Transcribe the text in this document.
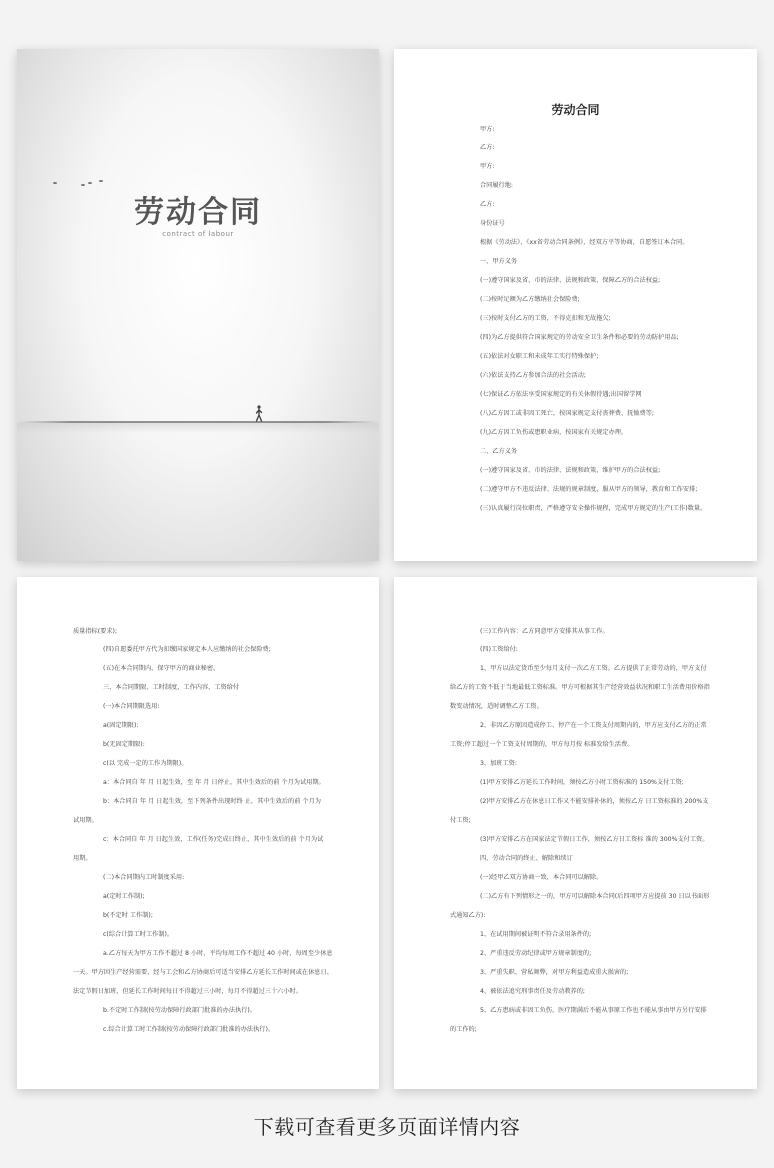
劳动合同
contract of labour
劳动合同
甲方:
乙方:
甲方:
合同履行地:
乙方:
身份证号
根据《劳动法》、《xx省劳动合同条例》，经双方平等协商，自愿签订本合同。
一、甲方义务
(一)遵守国家及省、市的法律、法规和政策，保障乙方的合法权益;
(二)按时足额为乙方缴纳社会保险费;
(三)按时支付乙方的工资，不得克扣和无故拖欠;
(四)为乙方提供符合国家规定的劳动安全卫生条件和必要的劳动防护用品;
(五)依法对女职工和未成年工实行特殊保护;
(六)依法支持乙方参加合法的社会活动;
(七)保证乙方依法享受国家规定的有关休假待遇;出国留学网
(八)乙方因工或非因工死亡，按国家规定支付丧葬费、抚恤费等;
(九)乙方因工负伤或患职业病，按国家有关规定办理。
二、乙方义务
(一)遵守国家及省、市的法律、法规和政策，维护甲方的合法权益;
(二)遵守甲方不违反法律、法规的规章制度，服从甲方的领导，教育和工作安排;
(三)认真履行岗位职责，严格遵守安全操作规程，完成甲方规定的生产(工作)数量。
质量指标(要求);
(四)自愿委托甲方代为扣缴国家规定本人应缴纳的社会保险费;
(五)在本合同期内，保守甲方的商业秘密。
三、本合同期限、工时制度、工作内容、工资给付
(一)本合同期限选用:
a(固定期限):
b(无固定期限):
c(以 完成一定的工作为期限)。
a：本合同自 年 月 日起生效，至 年 月 日停止，其中生效后的前 个月为试用期。
b：本合同自 年 月 日起生效，至下列条件出现时终 止，其中生效后的前 个月为
试用期。
c：本合同自 年 月 日起生效，工作(任务)完成日终止，其中生效后的前 个月为试
用期。
(二)本合同期内工时制度采用:
a(定时工作制);
b(不定时 工作制);
c(综合计算工时工作制)。
a.乙方每天为甲方工作不超过 8 小时，平均每周工作不超过 40 小时，每周至少休息
一天。甲方因生产经营需要，经与工会和乙方协商后可适当安排乙方延长工作时间或在休息日、
法定节假日加班，但延长工作时间每日不得超过三小时，每月不得超过三十六小时。
b.不定时工作制(按劳动保障行政部门批准的办法执行)。
c.综合计算工时工作制(按劳动保障行政部门批准的办法执行)。
(三)工作内容：乙方同意甲方安排其从事工作。
(四)工资给付:
1、甲方以法定货币至少每月支付一次乙方工资。乙方提供了正常劳动的，甲方支付
给乙方的工资不低于当地最低工资标准。甲方可根据其生产经营效益状况和职工生活费用价格指
数变动情况，适时调整乙方工资。
2、非因乙方原因造成停工、停产在一个工资支付周期内的，甲方应支付乙方的正常
工资;停工超过一个工资支付周期的，甲方每月按 标准发给生活费。
3、加班工资:
(1)甲方安排乙方延长工作时间，须按乙方小时工资标准的 150%支付工资;
(2)甲方安排乙方在休息日工作又不能安排补休的，须按乙方 日工资标准的 200%支
付工资;
(3)甲方安排乙方在国家法定节假日工作，须按乙方日工资标 准的 300%支付工资。
四、劳动合同的终止、解除和续订
(一)经甲乙双方协商一致，本合同可以解除。
(二)乙方有下列情形之一的，甲方可以解除本合同(后四项甲方应提前 30 日以书面形
式通知乙方):
1、在试用期间被证明不符合录用条件的;
2、严重违反劳动纪律或甲方规章制度的;
3、严重失职、营私舞弊，对甲方利益造成重大损害的;
4、被依法追究刑事责任及劳动教养的;
5、乙方患病或非因工负伤，医疗期满后不能从事原工作也不能从事由甲方另行安排
的工作的;
下载可查看更多页面详情内容
